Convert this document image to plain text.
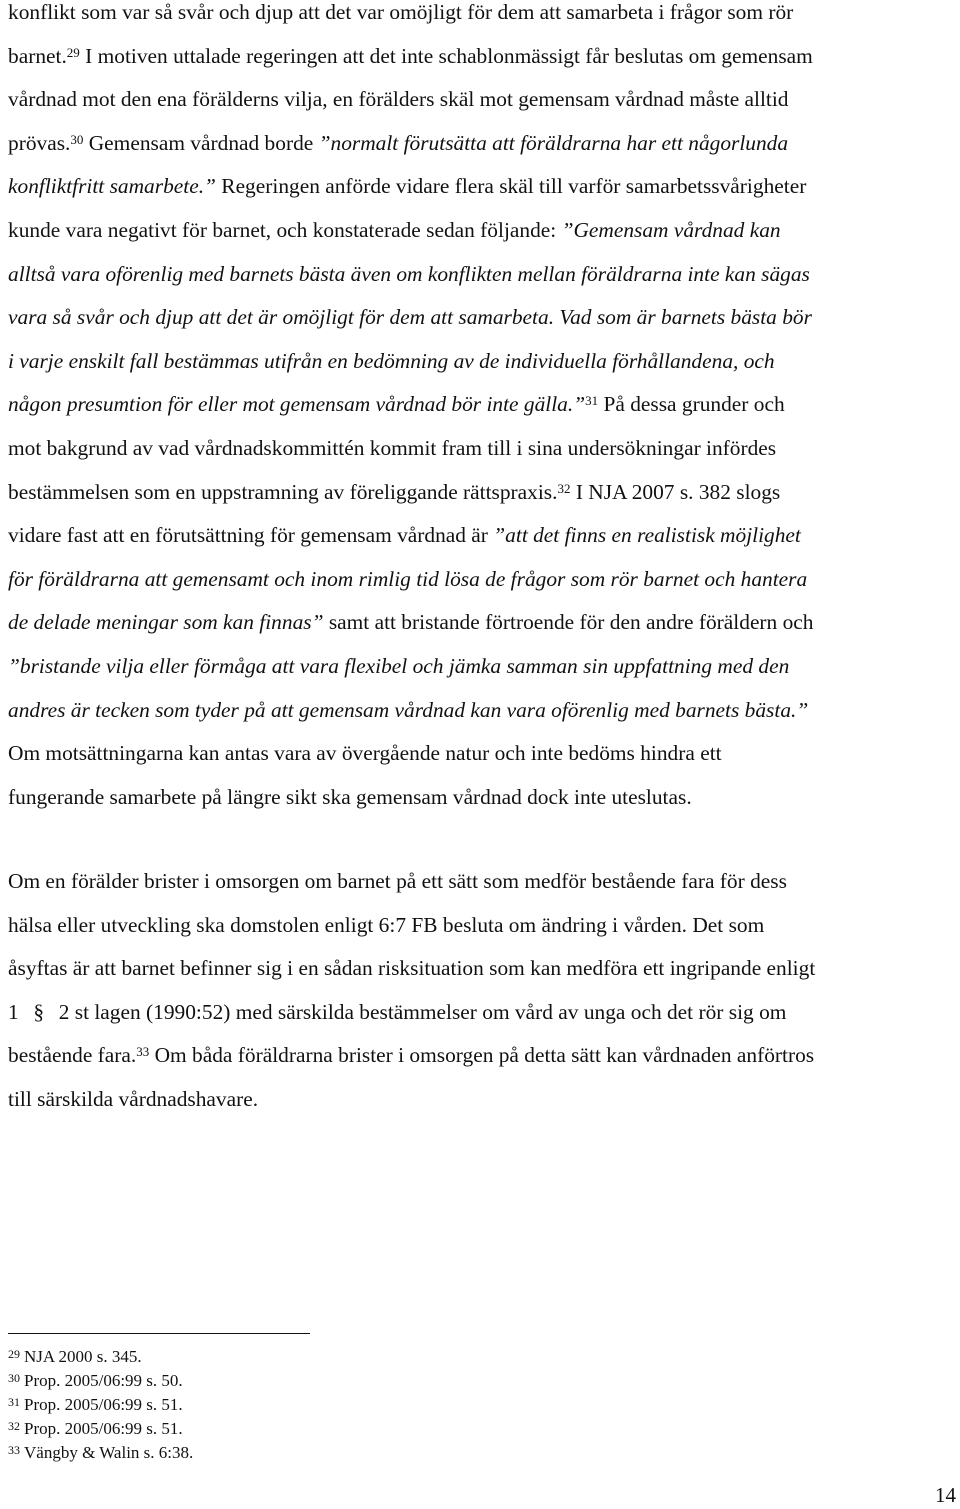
konflikt som var så svår och djup att det var omöjligt för dem att samarbeta i frågor som rör
barnet.$^{29}$ I motiven uttalade regeringen att det inte schablonmässigt får beslutas om gemensam
vårdnad mot den ena förälderns vilja, en förälders skäl mot gemensam vårdnad måste alltid
prövas.$^{30}$ Gemensam vårdnad borde ”normalt förutsätta att föräldrarna har ett någorlunda
konfliktfritt samarbete.” Regeringen anförde vidare flera skäl till varför samarbetssvårigheter
kunde vara negativt för barnet, och konstaterade sedan följande: ”Gemensam vårdnad kan
alltså vara oförenlig med barnets bästa även om konflikten mellan föräldrarna inte kan sägas
vara så svår och djup att det är omöjligt för dem att samarbeta. Vad som är barnets bästa bör
i varje enskilt fall bestämmas utifrån en bedömning av de individuella förhållandena, och
någon presumtion för eller mot gemensam vårdnad bör inte gälla.”$^{31}$ På dessa grunder och
mot bakgrund av vad vårdnadskommittén kommit fram till i sina undersökningar infördes
bestämmelsen som en uppstramning av föreliggande rättspraxis.$^{32}$ I NJA 2007 s. 382 slogs
vidare fast att en förutsättning för gemensam vårdnad är ”att det finns en realistisk möjlighet
för föräldrarna att gemensamt och inom rimlig tid lösa de frågor som rör barnet och hantera
de delade meningar som kan finnas” samt att bristande förtroende för den andre föräldern och
”bristande vilja eller förmåga att vara flexibel och jämka samman sin uppfattning med den
andres är tecken som tyder på att gemensam vårdnad kan vara oförenlig med barnets bästa.”
Om motsättningarna kan antas vara av övergående natur och inte bedöms hindra ett
fungerande samarbete på längre sikt ska gemensam vårdnad dock inte uteslutas.
Om en förälder brister i omsorgen om barnet på ett sätt som medför bestående fara för dess
hälsa eller utveckling ska domstolen enligt 6:7 FB besluta om ändring i vården. Det som
åsyftas är att barnet befinner sig i en sådan risksituation som kan medföra ett ingripande enligt
1 § 2 st lagen (1990:52) med särskilda bestämmelser om vård av unga och det rör sig om
bestående fara.$^{33}$ Om båda föräldrarna brister i omsorgen på detta sätt kan vårdnaden anförtros
till särskilda vårdnadshavare.
$^{29}$ NJA 2000 s. 345.
$^{30}$ Prop. 2005/06:99 s. 50.
$^{31}$ Prop. 2005/06:99 s. 51.
$^{32}$ Prop. 2005/06:99 s. 51.
$^{33}$ Vängby & Walin s. 6:38.
14
